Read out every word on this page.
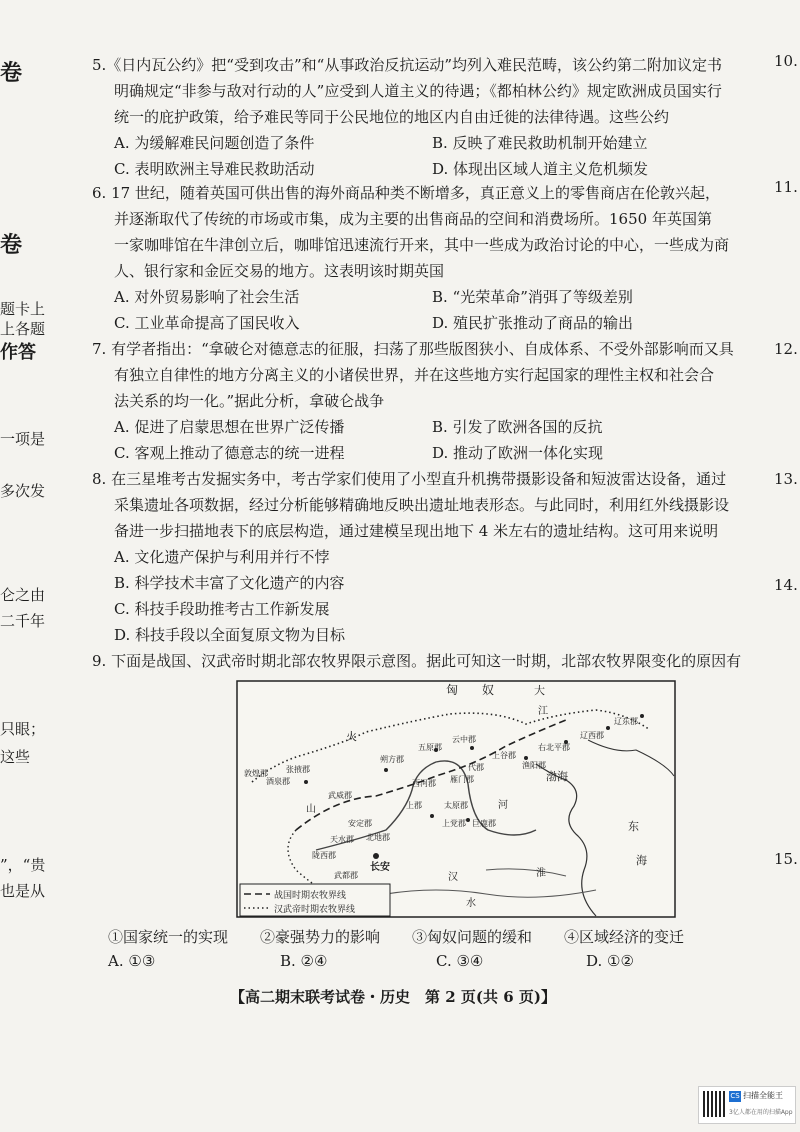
卷
卷
题卡上
上各题
作答
一项是
多次发
仑之由
二千年
只眼；
这些
”，“贵
也是从
10.
11.
12.
13.
14.
15.
5.《日内瓦公约》把“受到攻击”和“从事政治反抗运动”均列入难民范畴，该公约第二附加议定书
明确规定“非参与敌对行动的人”应受到人道主义的待遇；《都柏林公约》规定欧洲成员国实行
统一的庇护政策，给予难民等同于公民地位的地区内自由迁徙的法律待遇。这些公约
A. 为缓解难民问题创造了条件	B. 反映了难民救助机制开始建立
C. 表明欧洲主导难民救助活动	D. 体现出区域人道主义危机频发
6. 17 世纪，随着英国可供出售的海外商品种类不断增多，真正意义上的零售商店在伦敦兴起，
并逐渐取代了传统的市场或市集，成为主要的出售商品的空间和消费场所。1650 年英国第
一家咖啡馆在牛津创立后，咖啡馆迅速流行开来，其中一些成为政治讨论的中心，一些成为商
人、银行家和金匠交易的地方。这表明该时期英国
A. 对外贸易影响了社会生活	B. “光荣革命”消弭了等级差别
C. 工业革命提高了国民收入	D. 殖民扩张推动了商品的输出
7. 有学者指出：“拿破仑对德意志的征服，扫荡了那些版图狭小、自成体系、不受外部影响而又具
有独立自律性的地方分离主义的小诸侯世界，并在这些地方实行起国家的理性主权和社会合
法关系的均一化。”据此分析，拿破仑战争
A. 促进了启蒙思想在世界广泛传播	B. 引发了欧洲各国的反抗
C. 客观上推动了德意志的统一进程	D. 推动了欧洲一体化实现
8. 在三星堆考古发掘实务中，考古学家们使用了小型直升机携带摄影设备和短波雷达设备，通过
采集遗址各项数据，经过分析能够精确地反映出遗址地表形态。与此同时，利用红外线摄影设
备进一步扫描地表下的底层构造，通过建模呈现出地下 4 米左右的遗址结构。这可用来说明
A. 文化遗产保护与利用并行不悖
B. 科学技术丰富了文化遗产的内容
C. 科技手段助推考古工作新发展
D. 科技手段以全面复原文物为目标
9. 下面是战国、汉武帝时期北部农牧界限示意图。据此可知这一时期，北部农牧界限变化的原因有
匈　　奴	大
江
火
辽东郡
辽西郡
右北平郡
渔阳郡
上谷郡
代郡
云中郡
雁门郡
五原郡
朔方郡
西河郡
太原郡
上党郡 巨鹿郡
上郡
张掖郡
酒泉郡
敦煌郡
武威郡
安定郡
北地郡
天水郡
陇西郡
武都郡
长安
渤海
东
海
河
汉
水
淮
山
战国时期农牧界线
汉武帝时期农牧界线
①国家统一的实现 ②豪强势力的影响 ③匈奴问题的缓和 ④区域经济的变迁
A. ①③	B. ②④	C. ③④	D. ①②
【高二期末联考试卷・历史　第 2 页(共 6 页)】
CS 扫描全能王
3亿人都在用的扫描App
